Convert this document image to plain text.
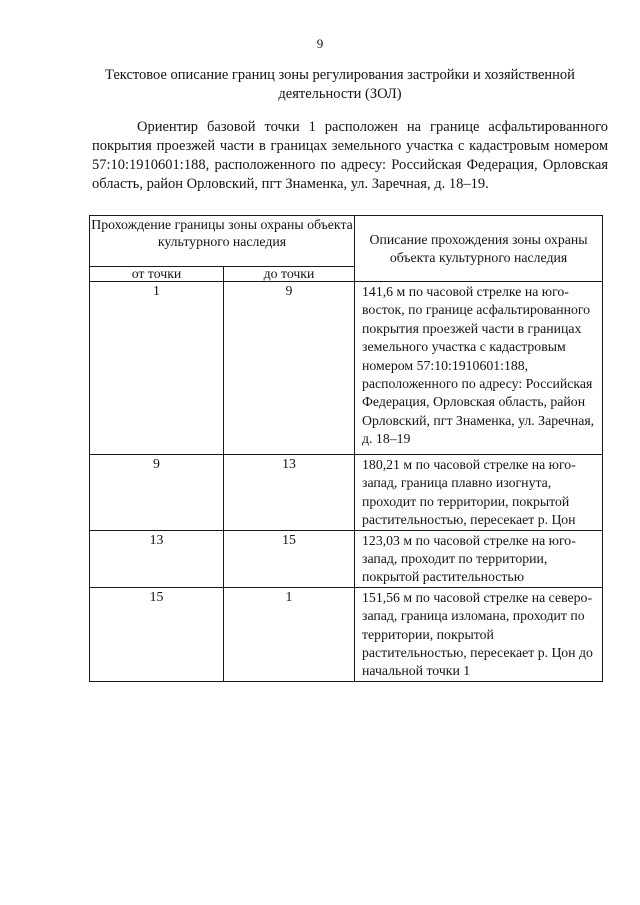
9
Текстовое описание границ зоны регулирования застройки и хозяйственной деятельности (ЗОЛ)
Ориентир базовой точки 1 расположен на границе асфальтированного покрытия проезжей части в границах земельного участка с кадастровым номером 57:10:1910601:188, расположенного по адресу: Российская Федерация, Орловская область, район Орловский, пгт Знаменка, ул. Заречная, д. 18–19.
Прохождение границы зоны охраны объекта культурного наследия		Описание прохождения зоны охраны объекта культурного наследия
от точки	до точки	
1	9	141,6 м по часовой стрелке на юго-восток, по границе асфальтированного покрытия проезжей части в границах земельного участка с кадастровым номером 57:10:1910601:188, расположенного по адресу: Российская Федерация, Орловская область, район Орловский, пгт Знаменка, ул. Заречная, д. 18–19
9	13	180,21 м по часовой стрелке на юго-запад, граница плавно изогнута, проходит по территории, покрытой растительностью, пересекает р. Цон
13	15	123,03 м по часовой стрелке на юго-запад, проходит по территории, покрытой растительностью
15	1	151,56 м по часовой стрелке на северо-запад, граница изломана, проходит по территории, покрытой растительностью, пересекает р. Цон до начальной точки 1
